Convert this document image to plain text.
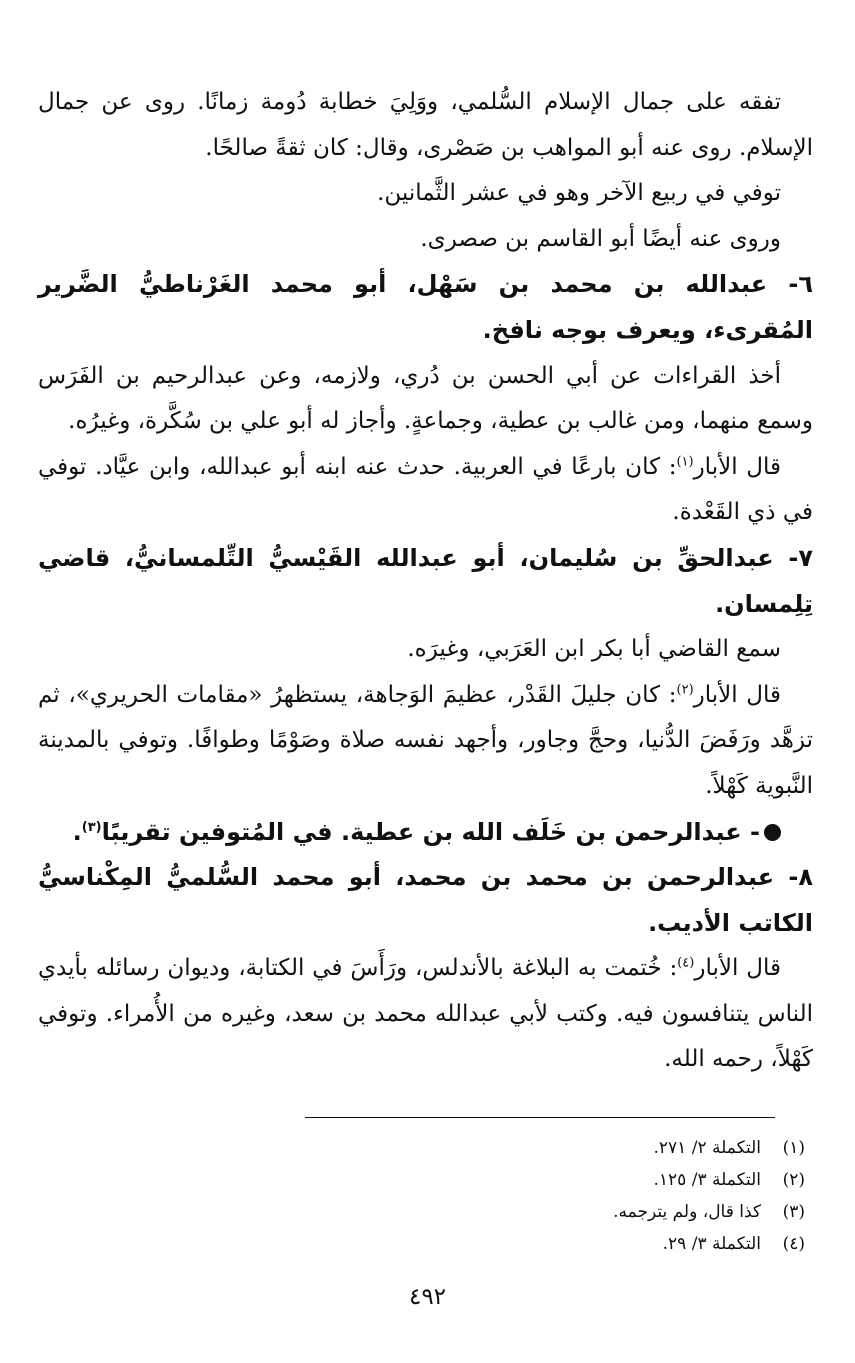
تفقه على جمال الإسلام السُّلمي، ووَلِيَ خطابة دُومة زمانًا. روى عن جمال الإسلام. روى عنه أبو المواهب بن صَصْرى، وقال: كان ثقةً صالحًا.

توفي في ربيع الآخر وهو في عشر الثَّمانين.

وروى عنه أيضًا أبو القاسم بن صصرى.

٦- عبدالله بن محمد بن سَهْل، أبو محمد الغَرْناطيُّ الضَّرير المُقرىء، ويعرف بوجه نافخ.

أخذ القراءات عن أبي الحسن بن دُري، ولازمه، وعن عبدالرحيم بن الفَرَس وسمع منهما، ومن غالب بن عطية، وجماعةٍ. وأجاز له أبو علي بن سُكَّرة، وغيرُه.

قال الأبار$^{(١)}$: كان بارعًا في العربية. حدث عنه ابنه أبو عبدالله، وابن عيَّاد. توفي في ذي القَعْدة.

٧- عبدالحقِّ بن سُليمان، أبو عبدالله القَيْسيُّ التِّلمسانيُّ، قاضي تِلِمسان.

سمع القاضي أبا بكر ابن العَرَبي، وغيرَه.

قال الأبار$^{(٢)}$: كان جليلَ القَدْر، عظيمَ الوَجاهة، يستظهرُ «مقامات الحريري»، ثم تزهَّد ورَفَضَ الدُّنيا، وحجَّ وجاور، وأجهد نفسه صلاة وصَوْمًا وطوافًا. وتوفي بالمدينة النَّبوية كَهْلاً.

- عبدالرحمن بن خَلَف الله بن عطية. في المُتوفين تقريبًا$^{(٣)}$.

٨- عبدالرحمن بن محمد بن محمد، أبو محمد السُّلميُّ المِكْناسيُّ الكاتب الأديب.

قال الأبار$^{(٤)}$: خُتمت به البلاغة بالأندلس، ورَأَسَ في الكتابة، وديوان رسائله بأيدي الناس يتنافسون فيه. وكتب لأبي عبدالله محمد بن سعد، وغيره من الأُمراء. وتوفي كَهْلاً، رحمه الله.

(١)التكملة ٢/ ٢٧١.

(٢)التكملة ٣/ ١٢٥.

(٣)كذا قال، ولم يترجمه.

(٤)التكملة ٣/ ٢٩.

٤٩٢
